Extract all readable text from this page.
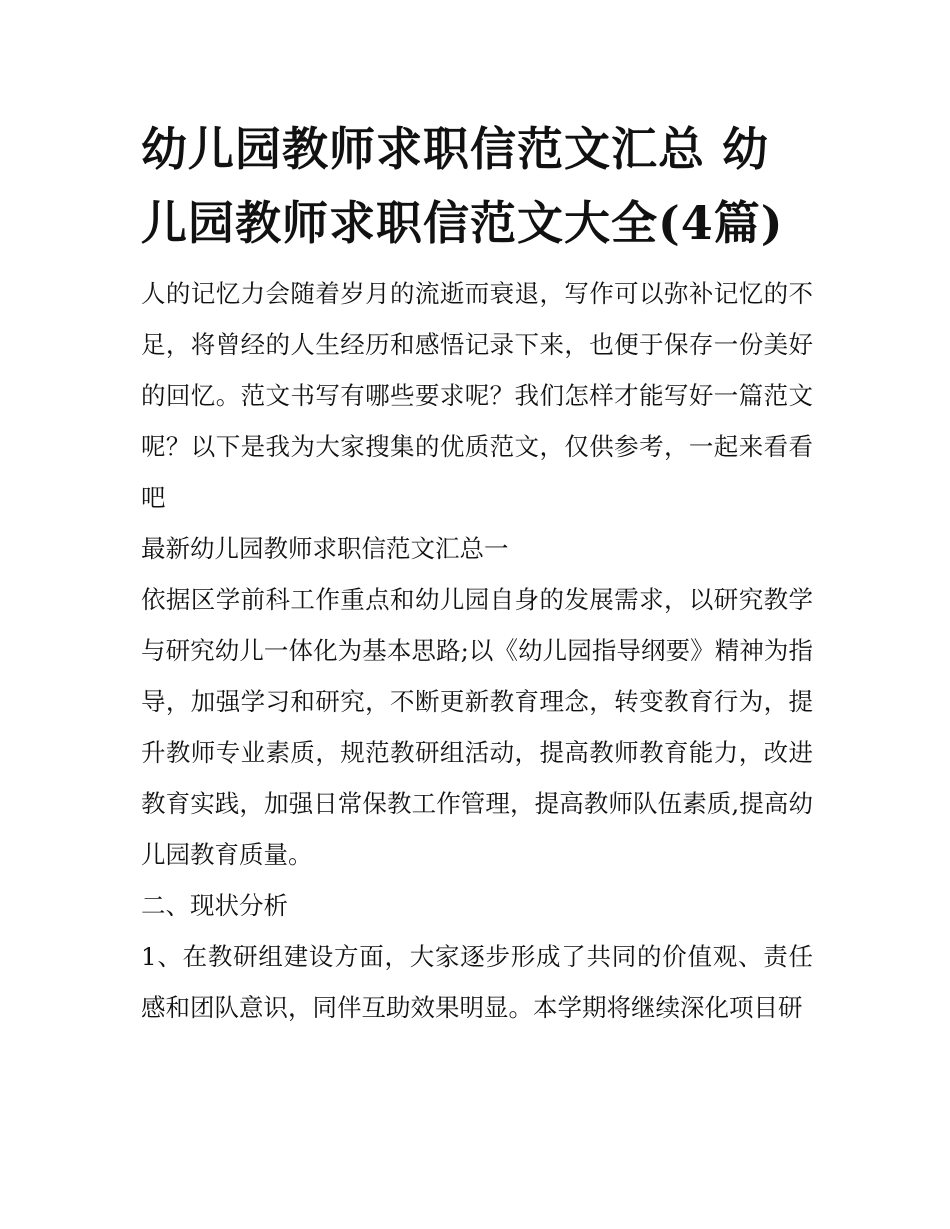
幼儿园教师求职信范文汇总 幼儿园教师求职信范文大全(4篇)

人的记忆力会随着岁月的流逝而衰退，写作可以弥补记忆的不足，将曾经的人生经历和感悟记录下来，也便于保存一份美好的回忆。范文书写有哪些要求呢？我们怎样才能写好一篇范文呢？以下是我为大家搜集的优质范文，仅供参考，一起来看看吧

最新幼儿园教师求职信范文汇总一

依据区学前科工作重点和幼儿园自身的发展需求，以研究教学与研究幼儿一体化为基本思路;以《幼儿园指导纲要》精神为指导，加强学习和研究，不断更新教育理念，转变教育行为，提升教师专业素质，规范教研组活动，提高教师教育能力，改进教育实践，加强日常保教工作管理，提高教师队伍素质,提高幼儿园教育质量。

二、现状分析

1、在教研组建设方面，大家逐步形成了共同的价值观、责任感和团队意识，同伴互助效果明显。本学期将继续深化项目研
